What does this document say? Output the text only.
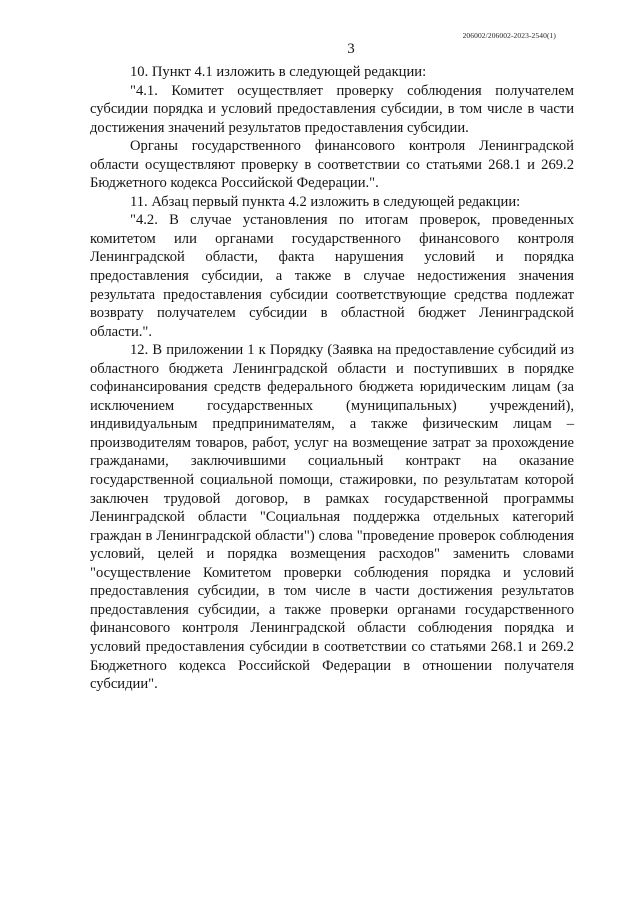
206002/206002-2023-2540(1)
3

10. Пункт 4.1 изложить в следующей редакции:

"4.1. Комитет осуществляет проверку соблюдения получателем субсидии порядка и условий предоставления субсидии, в том числе в части достижения значений результатов предоставления субсидии.

Органы государственного финансового контроля Ленинградской области осуществляют проверку в соответствии со статьями 268.1 и 269.2 Бюджетного кодекса Российской Федерации.".

11. Абзац первый пункта 4.2 изложить в следующей редакции:

"4.2. В случае установления по итогам проверок, проведенных комитетом или органами государственного финансового контроля Ленинградской области, факта нарушения условий и порядка предоставления субсидии, а также в случае недостижения значения результата предоставления субсидии соответствующие средства подлежат возврату получателем субсидии в областной бюджет Ленинградской области.".

12. В приложении 1 к Порядку (Заявка на предоставление субсидий из областного бюджета Ленинградской области и поступивших в порядке софинансирования средств федерального бюджета юридическим лицам (за исключением государственных (муниципальных) учреждений), индивидуальным предпринимателям, а также физическим лицам – производителям товаров, работ, услуг на возмещение затрат за прохождение гражданами, заключившими социальный контракт на оказание государственной социальной помощи, стажировки, по результатам которой заключен трудовой договор, в рамках государственной программы Ленинградской области "Социальная поддержка отдельных категорий граждан в Ленинградской области") слова "проведение проверок соблюдения условий, целей и порядка возмещения расходов" заменить словами "осуществление Комитетом проверки соблюдения порядка и условий предоставления субсидии, в том числе в части достижения результатов предоставления субсидии, а также проверки органами государственного финансового контроля Ленинградской области соблюдения порядка и условий предоставления субсидии в соответствии со статьями 268.1 и 269.2 Бюджетного кодекса Российской Федерации в отношении получателя субсидии".
